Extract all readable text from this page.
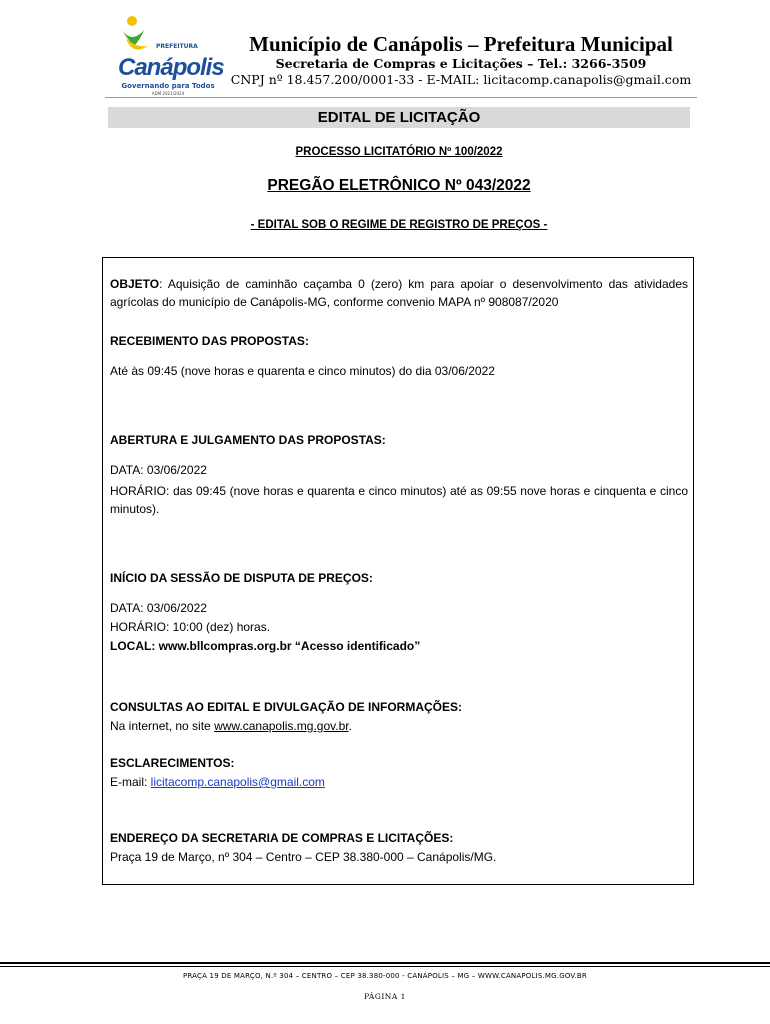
PREFEITURA
Canápolis
Governando para Todos
ADM 2021/2024
Município de Canápolis – Prefeitura Municipal
Secretaria de Compras e Licitações – Tel.: 3266-3509
CNPJ nº 18.457.200/0001-33 - E-MAIL: licitacomp.canapolis@gmail.com
EDITAL DE LICITAÇÃO
PROCESSO LICITATÓRIO Nº 100/2022
PREGÃO ELETRÔNICO Nº 043/2022
- EDITAL SOB O REGIME DE REGISTRO DE PREÇOS -

OBJETO: Aquisição de caminhão caçamba 0 (zero) km para apoiar o desenvolvimento das atividades agrícolas do município de Canápolis-MG, conforme convenio MAPA nº 908087/2020

RECEBIMENTO DAS PROPOSTAS:

Até às 09:45 (nove horas e quarenta e cinco minutos) do dia 03/06/2022

ABERTURA E JULGAMENTO DAS PROPOSTAS:

DATA: 03/06/2022

HORÁRIO: das 09:45 (nove horas e quarenta e cinco minutos) até as 09:55 nove horas e cinquenta e cinco minutos).

INÍCIO DA SESSÃO DE DISPUTA DE PREÇOS:

DATA: 03/06/2022

HORÁRIO: 10:00 (dez) horas.

LOCAL: www.bllcompras.org.br “Acesso identificado”

CONSULTAS AO EDITAL E DIVULGAÇÃO DE INFORMAÇÕES:

Na internet, no site www.canapolis.mg.gov.br.

ESCLARECIMENTOS:

E-mail: licitacomp.canapolis@gmail.com

ENDEREÇO DA SECRETARIA DE COMPRAS E LICITAÇÕES:

Praça 19 de Março, nº 304 – Centro – CEP 38.380-000 – Canápolis/MG.

PRAÇA 19 DE MARÇO, N.º 304 – CENTRO – CEP 38.380-000 - CANÁPOLIS – MG – WWW.CANAPOLIS.MG.GOV.BR
PÁGINA 1
